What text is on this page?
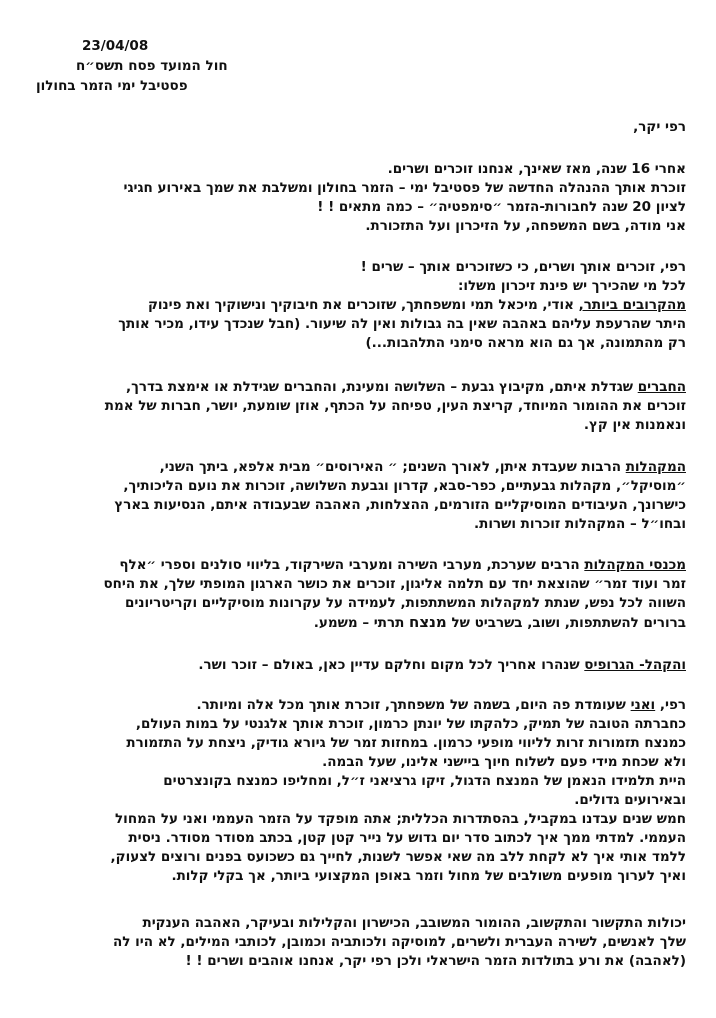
23/04/08
חול המועד פסח תשס״ח
פסטיבל ימי הזמר בחולון
רפי יקר,
אחרי 16 שנה, מאז שאינך, אנחנו זוכרים ושרים.
זוכרת אותך ההנהלה החדשה של פסטיבל ימי – הזמר בחולון ומשלבת את שמך באירוע חגיגי
לציון 20 שנה לחבורות-הזמר ״סימפטיה״ – כמה מתאים ! !
אני מודה, בשם המשפחה, על הזיכרון ועל התזכורת.
רפי, זוכרים אותך ושרים, כי כשזוכרים אותך – שרים !
לכל מי שהכירך יש פינת זיכרון משלו:
מהקרובים ביותר, אודי, מיכאל תמי ומשפחתך, שזוכרים את חיבוקיך ונישוקיך ואת פינוק
היתר שהרעפת עליהם באהבה שאין בה גבולות ואין לה שיעור. (חבל שנכדך עידו, מכיר אותך
רק מהתמונה, אך גם הוא מראה סימני התלהבות...)
החברים שגדלת איתם, מקיבוץ גבעת – השלושה ומעינת, והחברים שגידלת או אימצת בדרך,
זוכרים את ההומור המיוחד, קריצת העין, טפיחה על הכתף, אוזן שומעת, יושר, חברות של אמת
ונאמנות אין קץ.
המקהלות הרבות שעבדת איתן, לאורך השנים; ״ האירוסים״ מבית אלפא, ביתך השני,
״מוסיקל״, מקהלות גבעתיים, כפר-סבא, קדרון וגבעת השלושה, זוכרות את נועם הליכותיך,
כישרונך, העיבודים המוסיקליים הזורמים, ההצלחות, האהבה שבעבודה איתם, הנסיעות בארץ
ובחו״ל – המקהלות זוכרות ושרות.
מכנסי המקהלות הרבים שערכת, מערבי השירה ומערבי השירקוד, בליווי סולנים וספרי ״אלף
זמר ועוד זמר״ שהוצאת יחד עם תלמה אליגון, זוכרים את כושר הארגון המופתי שלך, את היחס
השווה לכל נפש, שנתת למקהלות המשתתפות, לעמידה על עקרונות מוסיקליים וקריטריונים
ברורים להשתתפות, ושוב, בשרביט של מנצח תרתי – משמע.
והקהל- הגרופיס שנהרו אחריך לכל מקום וחלקם עדיין כאן, באולם – זוכר ושר.
רפי, ואני שעומדת פה היום, בשמה של משפחתך, זוכרת אותך מכל אלה ומיותר.
כחברתה הטובה של תמיק, כלהקתו של יונתן כרמון, זוכרת אותך אלגנטי על במות העולם,
כמנצח תזמורות זרות לליווי מופעי כרמון. במחזות זמר של גיורא גודיק, ניצחת על התזמורת
ולא שכחת מידי פעם לשלוח חיוך ביישני אלינו, שעל הבמה.
היית תלמידו הנאמן של המנצח הדגול, זיקו גרציאני ז״ל, ומחליפו כמנצח בקונצרטים
ובאירועים גדולים.
חמש שנים עבדנו במקביל, בהסתדרות הכללית; אתה מופקד על הזמר העממי ואני על המחול
העממי. למדתי ממך איך לכתוב סדר יום גדוש על נייר קטן קטן, בכתב מסודר מסודר. ניסית
ללמד אותי איך לא לקחת ללב מה שאי אפשר לשנות, לחייך גם כשכועס בפנים ורוצים לצעוק,
ואיך לערוך מופעים משולבים של מחול וזמר באופן המקצועי ביותר, אך בקלי קלות.
יכולות התקשור והתקשוב, ההומור המשובב, הכישרון והקלילות ובעיקר, האהבה הענקית
שלך לאנשים, לשירה העברית ולשרים, למוסיקה ולכותביה וכמובן, לכותבי המילים, לא היו לה
(לאהבה) את ורע בתולדות הזמר הישראלי ולכן רפי יקר, אנחנו אוהבים ושרים ! !
